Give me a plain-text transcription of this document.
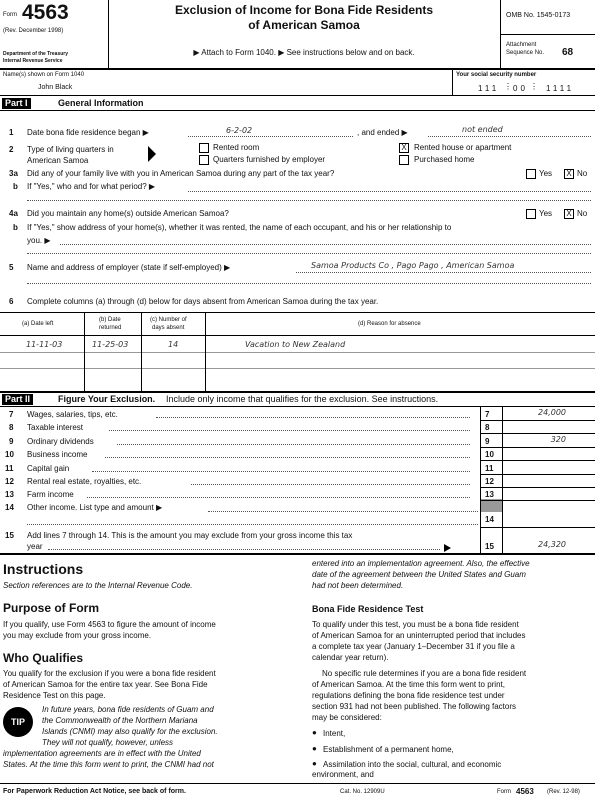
Form 4563
(Rev. December 1998)
Department of the Treasury
Internal Revenue Service
Exclusion of Income for Bona Fide Residents
of American Samoa
▶ Attach to Form 1040. ▶ See instructions below and on back.
OMB No. 1545-0173
Attachment
Sequence No. 68
Name(s) shown on Form 1040
John Black
Your social security number
111 ⋮ 00 ⋮ 1111
Part I	General Information
1 Date bona fide residence began ▶	6-2-02	, and ended ▶	not ended
2 Type of living quarters in
American Samoa
Rented room	X Rented house or apartment
Quarters furnished by employer	Purchased home
3a Did any of your family live with you in American Samoa during any part of the tax year?	Yes X No
b If "Yes," who and for what period? ▶
4a Did you maintain any home(s) outside American Samoa?	Yes X No
b If "Yes," show address of your home(s), whether it was rented, the name of each occupant, and his or her relationship to
you. ▶
5 Name and address of employer (state if self-employed) ▶	Samoa Products Co , Pago Pago , American Samoa
6 Complete columns (a) through (d) below for days absent from American Samoa during the tax year.
(a) Date left
(b) Date
returned
(c) Number of
days absent
(d) Reason for absence
11-11-03	11-25-03	14	Vacation to New Zealand
Part II	Figure Your Exclusion. Include only income that qualifies for the exclusion. See instructions.
7 Wages, salaries, tips, etc.	7	24,000
8 Taxable interest	8
9 Ordinary dividends	9	320
10 Business income	10
11 Capital gain	11
12 Rental real estate, royalties, etc.	12
13 Farm income	13
14 Other income. List type and amount ▶
14
15 Add lines 7 through 14. This is the amount you may exclude from your gross income this tax
year	15	24,320
Instructions
Section references are to the Internal Revenue Code.
Purpose of Form
If you qualify, use Form 4563 to figure the amount of income
you may exclude from your gross income.
Who Qualifies
You qualify for the exclusion if you were a bona fide resident
of American Samoa for the entire tax year. See Bona Fide
Residence Test on this page.
TIP
In future years, bona fide residents of Guam and
the Commonwealth of the Northern Mariana
Islands (CNMI) may also qualify for the exclusion.
They will not qualify, however, unless
implementation agreements are in effect with the United
States. At the time this form went to print, the CNMI had not
entered into an implementation agreement. Also, the effective
date of the agreement between the United States and Guam
had not been determined.
Bona Fide Residence Test
To qualify under this test, you must be a bona fide resident
of American Samoa for an uninterrupted period that includes
a complete tax year (January 1–December 31 if you file a
calendar year return).
No specific rule determines if you are a bona fide resident
of American Samoa. At the time this form went to print,
regulations defining the bona fide residence test under
section 931 had not been published. The following factors
may be considered:
● Intent,
● Establishment of a permanent home,
● Assimilation into the social, cultural, and economic
environment, and
For Paperwork Reduction Act Notice, see back of form.	Cat. No. 12909U	Form 4563 (Rev. 12-98)
